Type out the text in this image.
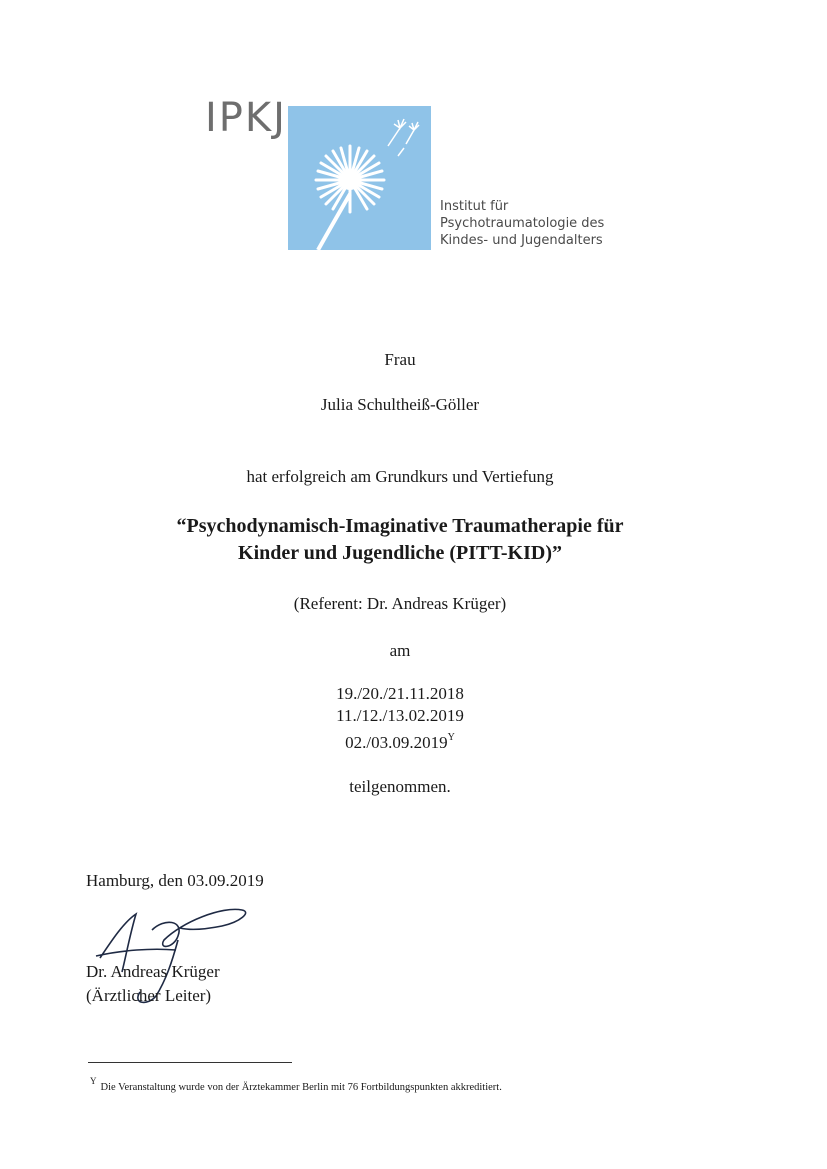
IPKJ
Institut für
Psychotraumatologie des
Kindes- und Jugendalters
Frau
Julia Schultheiß-Göller
hat erfolgreich am Grundkurs und Vertiefung
“Psychodynamisch-Imaginative Traumatherapie für
Kinder und Jugendliche (PITT-KID)”
(Referent: Dr. Andreas Krüger)
am
19./20./21.11.2018
11./12./13.02.2019
$02./03.09.2019^Y$
teilgenommen.
Hamburg, den 03.09.2019
Dr. Andreas Krüger
(Ärztlicher Leiter)
$^Y$Die Veranstaltung wurde von der Ärztekammer Berlin mit 76 Fortbildungspunkten akkreditiert.
